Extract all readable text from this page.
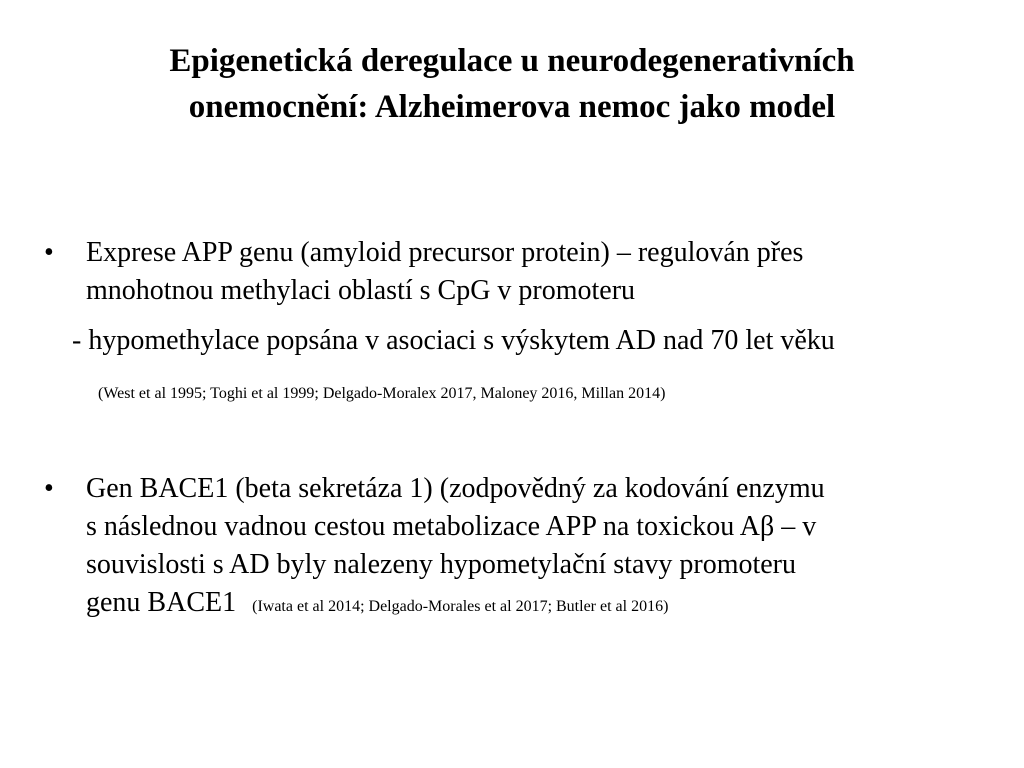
Epigenetická deregulace u neurodegenerativních
onemocnění: Alzheimerova nemoc jako model
• Exprese APP genu (amyloid precursor protein) – regulován přes
mnohotnou methylaci oblastí s CpG v promoteru
- hypomethylace popsána v asociaci s výskytem AD nad 70 let věku
(West et al 1995; Toghi et al 1999; Delgado-Moralex 2017, Maloney 2016, Millan 2014)
• Gen BACE1 (beta sekretáza 1) (zodpovědný za kodování enzymu
s následnou vadnou cestou metabolizace APP na toxickou Aβ – v
souvislosti s AD byly nalezeny hypometylační stavy promoteru
genu BACE1 (Iwata et al 2014; Delgado-Morales et al 2017; Butler et al 2016)
